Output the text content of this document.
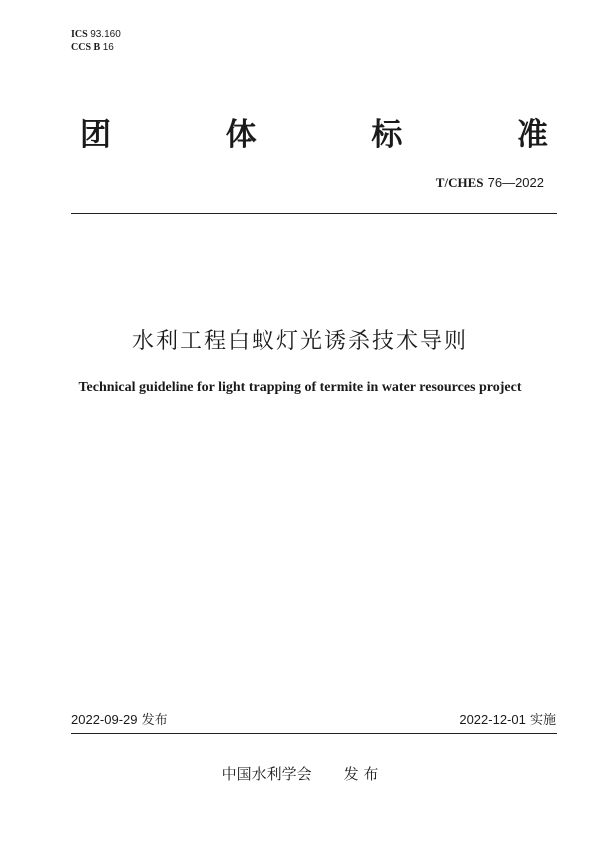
ICS 93.160
CCS B 16
团	体	标	准
T/CHES 76—2022
水利工程白蚁灯光诱杀技术导则
Technical guideline for light trapping of termite in water resources project
2022-09-29 发布	2022-12-01 实施
中国水利学会 发 布
